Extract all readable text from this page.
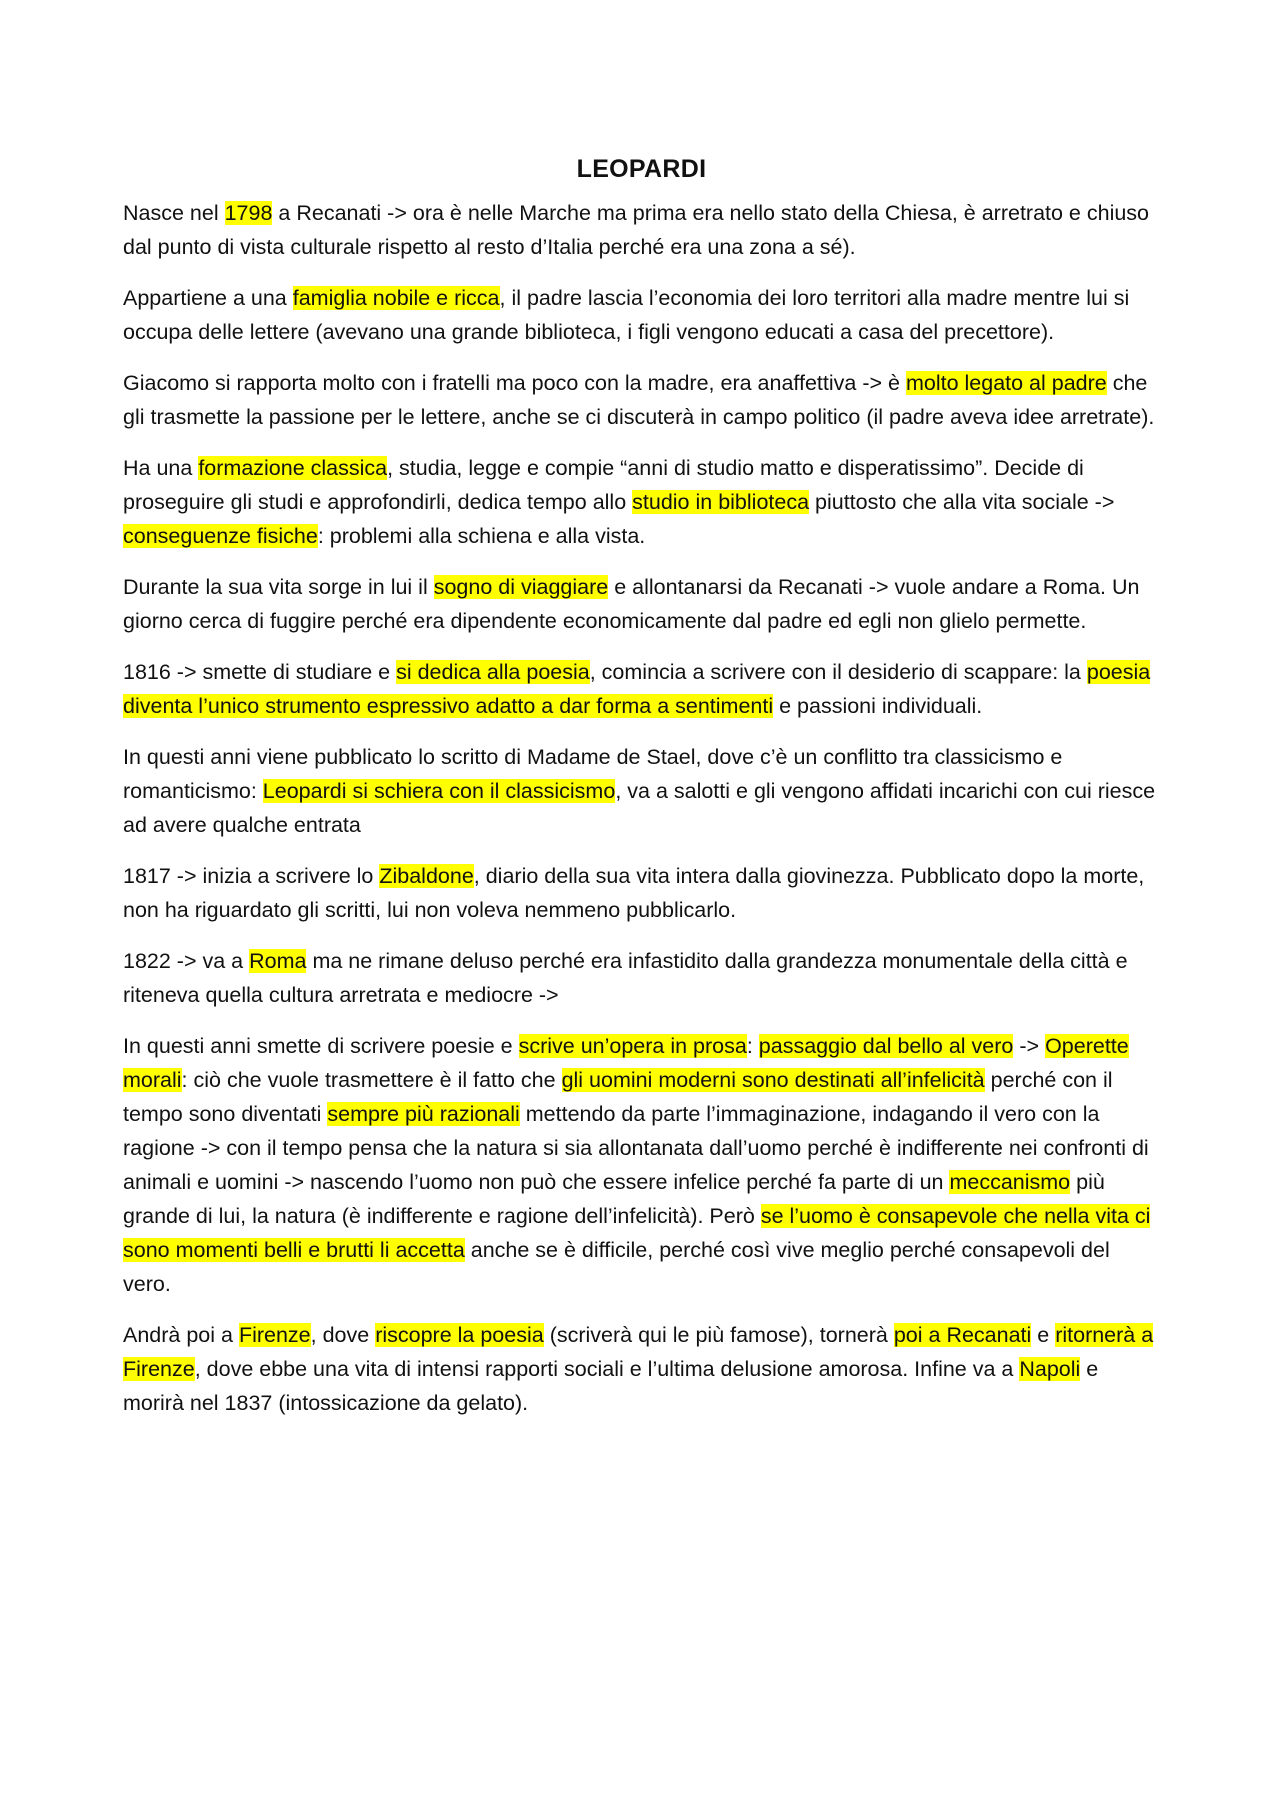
LEOPARDI

Nasce nel 1798 a Recanati -> ora è nelle Marche ma prima era nello stato della Chiesa, è arretrato e chiuso dal punto di vista culturale rispetto al resto d’Italia perché era una zona a sé).

Appartiene a una famiglia nobile e ricca, il padre lascia l’economia dei loro territori alla madre mentre lui si occupa delle lettere (avevano una grande biblioteca, i figli vengono educati a casa del precettore).

Giacomo si rapporta molto con i fratelli ma poco con la madre, era anaffettiva -> è molto legato al padre che gli trasmette la passione per le lettere, anche se ci discuterà in campo politico (il padre aveva idee arretrate).

Ha una formazione classica, studia, legge e compie “anni di studio matto e disperatissimo”. Decide di proseguire gli studi e approfondirli, dedica tempo allo studio in biblioteca piuttosto che alla vita sociale -> conseguenze fisiche: problemi alla schiena e alla vista.

Durante la sua vita sorge in lui il sogno di viaggiare e allontanarsi da Recanati -> vuole andare a Roma. Un giorno cerca di fuggire perché era dipendente economicamente dal padre ed egli non glielo permette.

1816 -> smette di studiare e si dedica alla poesia, comincia a scrivere con il desiderio di scappare: la poesia diventa l’unico strumento espressivo adatto a dar forma a sentimenti e passioni individuali.

In questi anni viene pubblicato lo scritto di Madame de Stael, dove c’è un conflitto tra classicismo e romanticismo: Leopardi si schiera con il classicismo, va a salotti e gli vengono affidati incarichi con cui riesce ad avere qualche entrata

1817 -> inizia a scrivere lo Zibaldone, diario della sua vita intera dalla giovinezza. Pubblicato dopo la morte, non ha riguardato gli scritti, lui non voleva nemmeno pubblicarlo.

1822 -> va a Roma ma ne rimane deluso perché era infastidito dalla grandezza monumentale della città e riteneva quella cultura arretrata e mediocre ->

In questi anni smette di scrivere poesie e scrive un’opera in prosa: passaggio dal bello al vero -> Operette morali: ciò che vuole trasmettere è il fatto che gli uomini moderni sono destinati all’infelicità perché con il tempo sono diventati sempre più razionali mettendo da parte l’immaginazione, indagando il vero con la ragione -> con il tempo pensa che la natura si sia allontanata dall’uomo perché è indifferente nei confronti di animali e uomini -> nascendo l’uomo non può che essere infelice perché fa parte di un meccanismo più grande di lui, la natura (è indifferente e ragione dell’infelicità). Però se l’uomo è consapevole che nella vita ci sono momenti belli e brutti li accetta anche se è difficile, perché così vive meglio perché consapevoli del vero.

Andrà poi a Firenze, dove riscopre la poesia (scriverà qui le più famose), tornerà poi a Recanati e ritornerà a Firenze, dove ebbe una vita di intensi rapporti sociali e l’ultima delusione amorosa. Infine va a Napoli e morirà nel 1837 (intossicazione da gelato).
